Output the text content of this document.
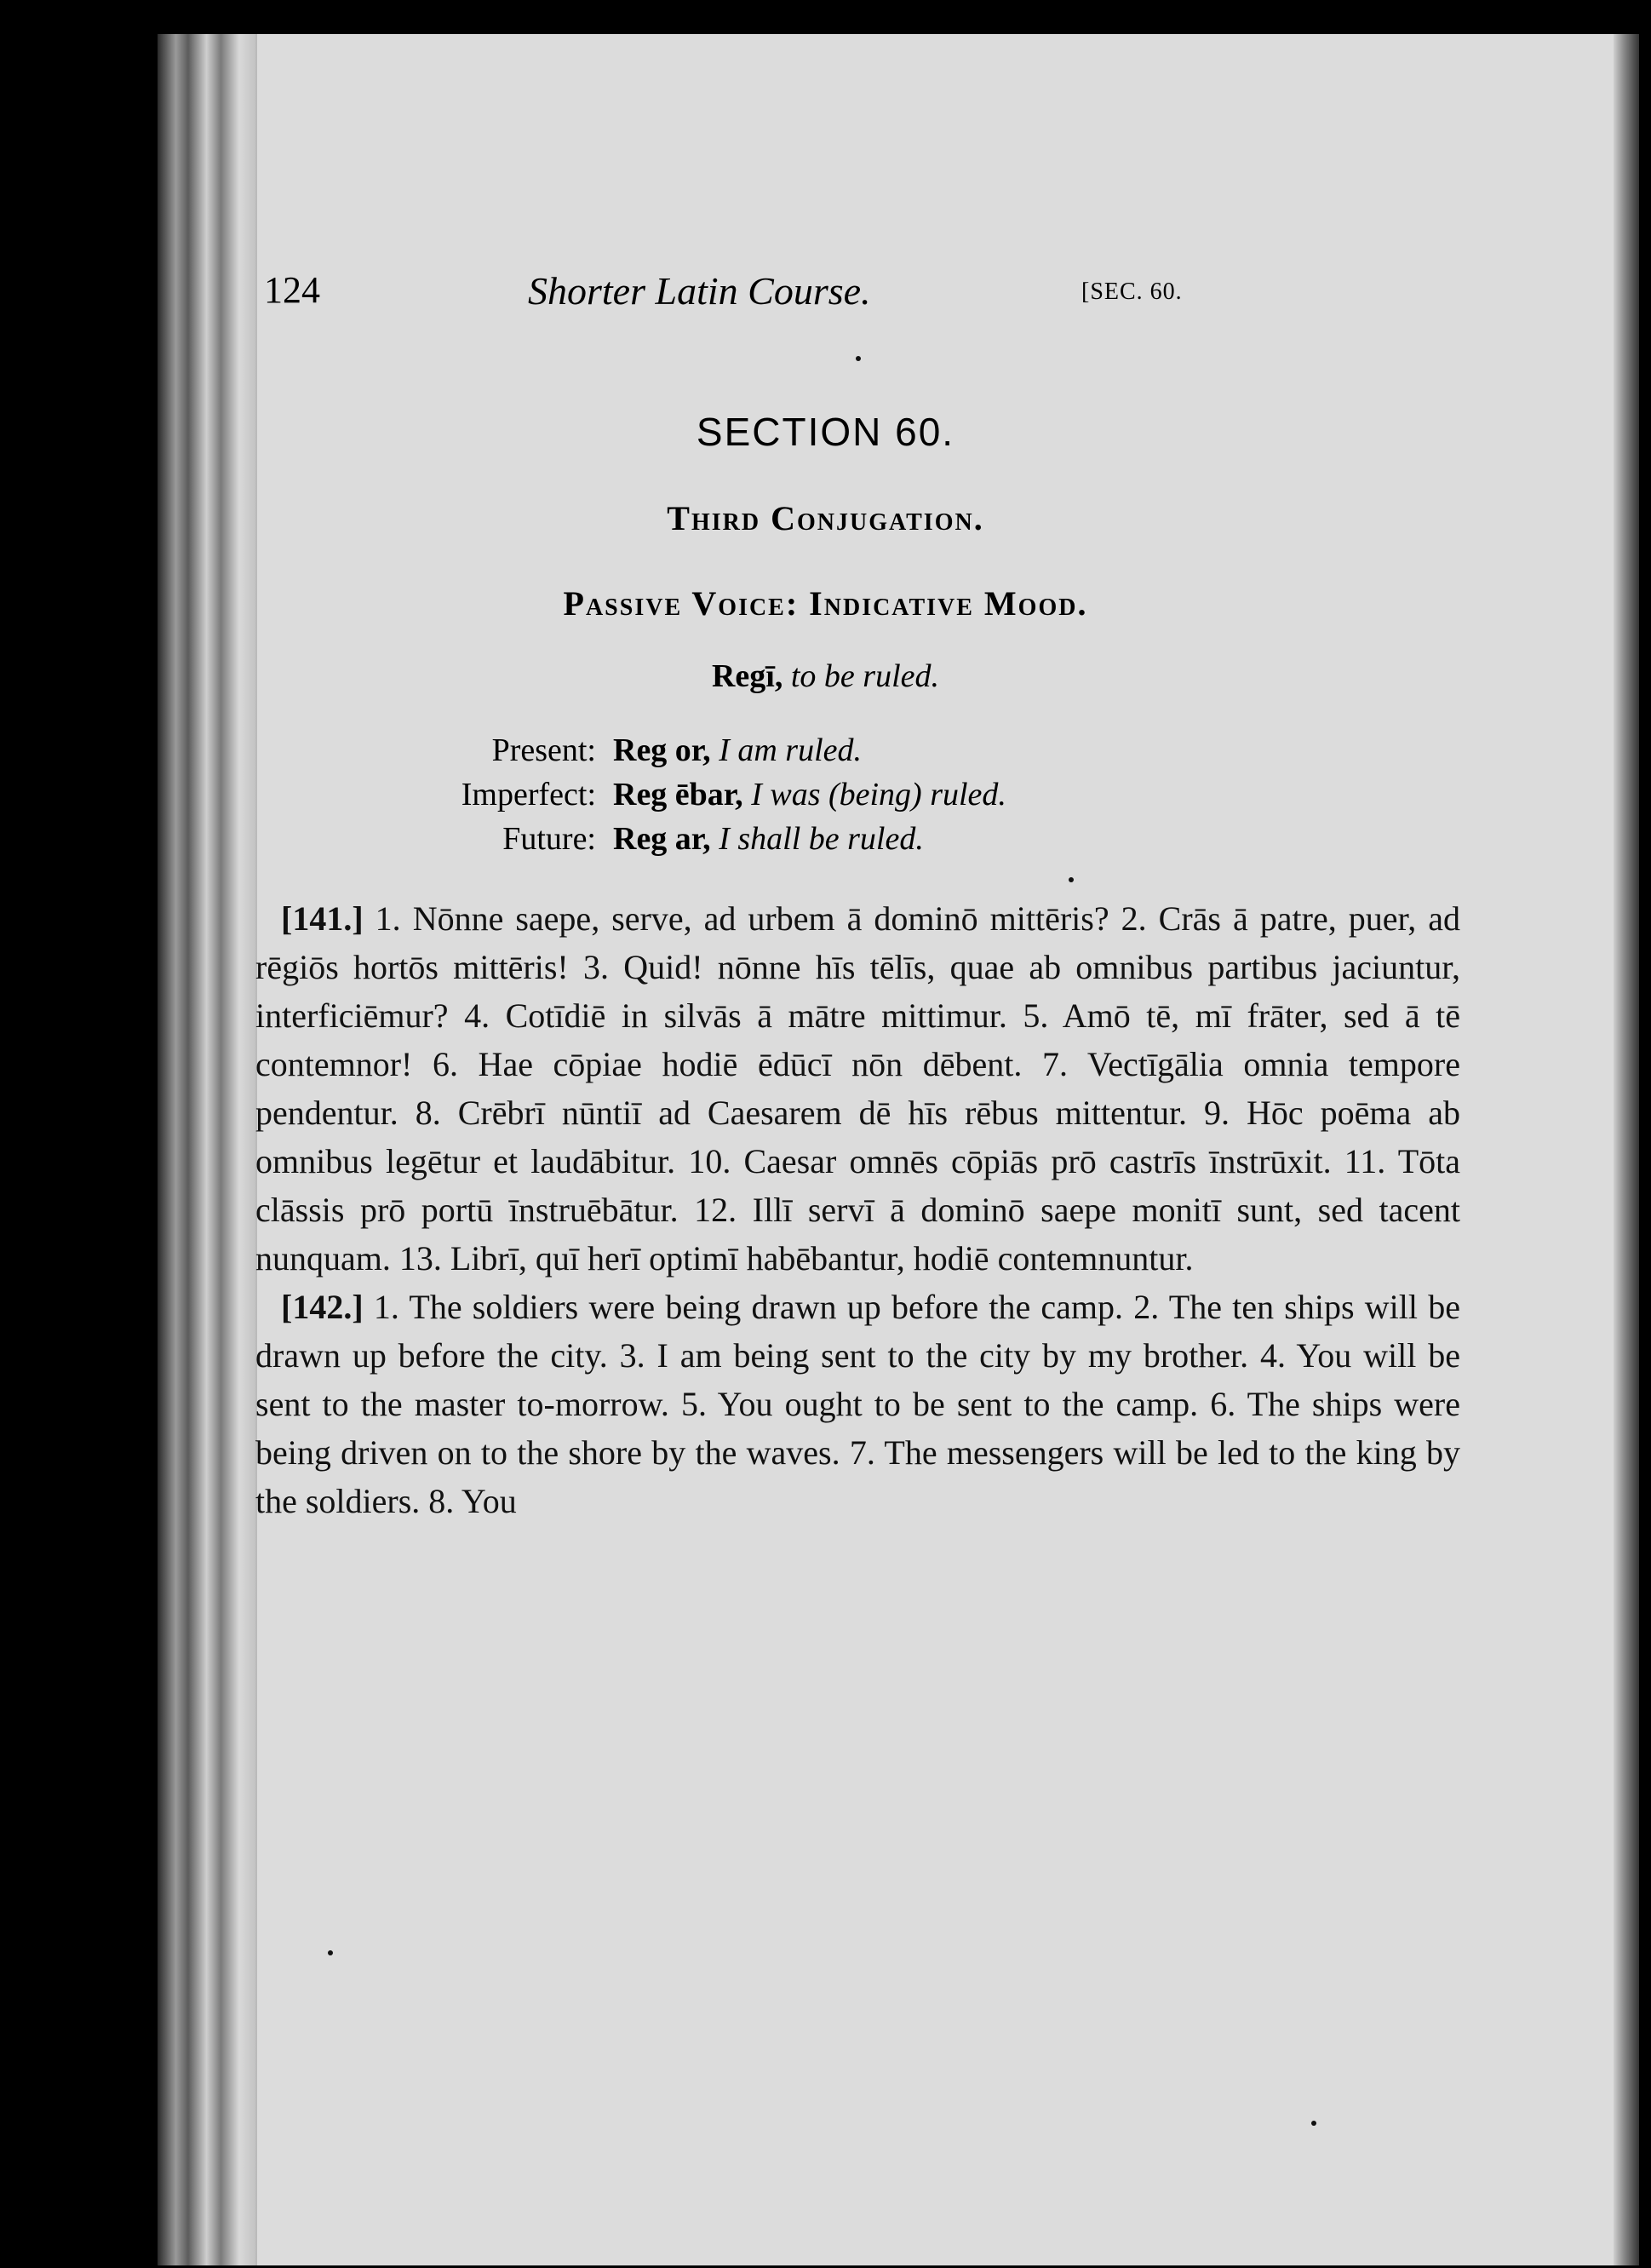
124	Shorter Latin Course.	[SEC. 60.
SECTION 60.
Third Conjugation.
Passive Voice: Indicative Mood.
Regī, to be ruled.
Present: Reg or,
I am ruled.
Imperfect: Reg ēbar,
I was (being) ruled.
Future: Reg ar,
I shall be ruled.

[141.] 1. Nōnne saepe, serve, ad urbem ā dominō mittēris? 2. Crās ā patre, puer, ad rēgiōs hortōs mittēris! 3. Quid! nōnne hīs tēlīs, quae ab omnibus partibus jaciuntur, interficiēmur? 4. Cotīdiē in silvās ā mātre mittimur. 5. Amō tē, mī frāter, sed ā tē contemnor! 6. Hae cōpiae hodiē ēdūcī nōn dēbent. 7. Vectīgālia omnia tempore pendentur. 8. Crēbrī nūntiī ad Caesarem dē hīs rēbus mittentur. 9. Hōc poēma ab omnibus legētur et laudābitur. 10. Caesar omnēs cōpiās prō castrīs īnstrūxit. 11. Tōta clāssis prō portū īnstruēbātur. 12. Illī servī ā dominō saepe monitī sunt, sed tacent nunquam. 13. Librī, quī herī optimī habēbantur, hodiē contemnuntur.

[142.] 1. The soldiers were being drawn up before the camp. 2. The ten ships will be drawn up before the city. 3. I am being sent to the city by my brother. 4. You will be sent to the master to-morrow. 5. You ought to be sent to the camp. 6. The ships were being driven on to the shore by the waves. 7. The messengers will be led to the king by the soldiers. 8. You
